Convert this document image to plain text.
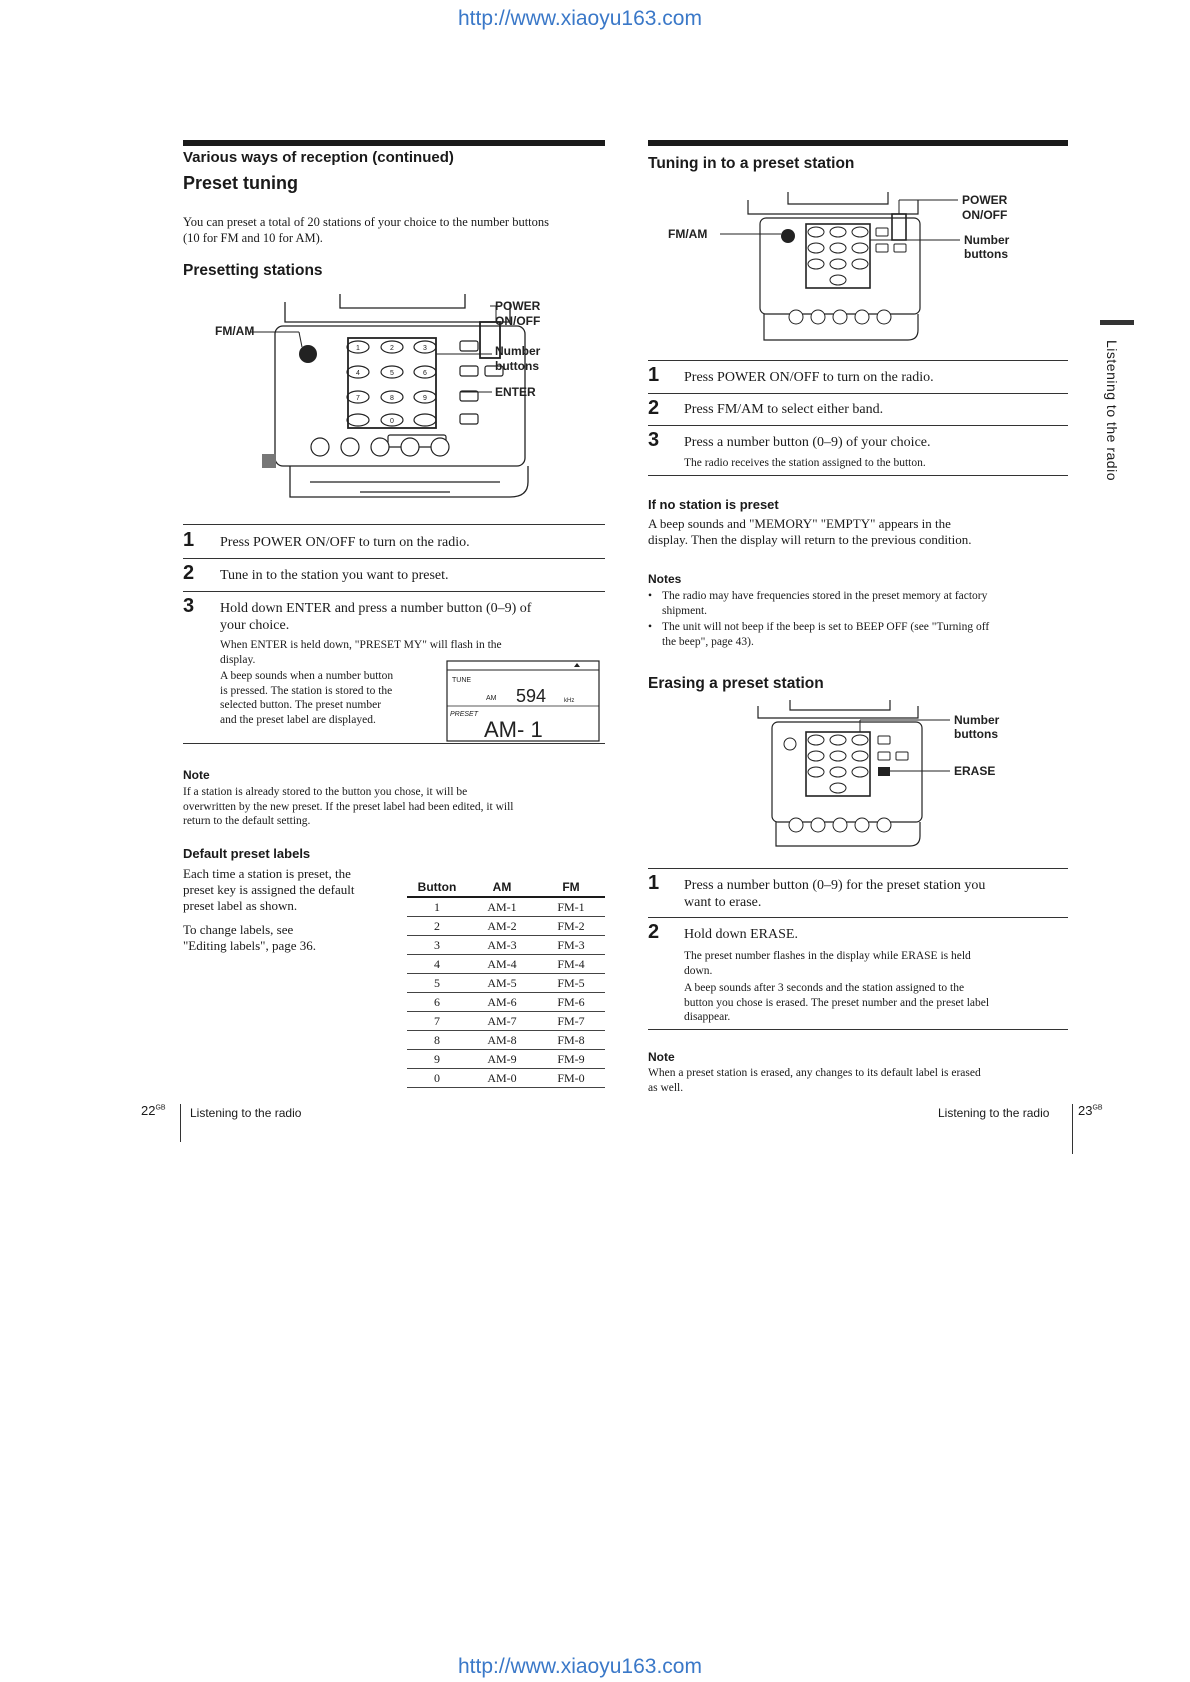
http://www.xiaoyu163.com
http://www.xiaoyu163.com
Various ways of reception (continued)
Preset tuning
You can preset a total of 20 stations of your choice to the number buttons
(10 for FM and 10 for AM).
Presetting stations
1	2	3
4	5	6
7	8	9
0
FM/AM
POWER
ON/OFF
Number
buttons
ENTER
1 Press POWER ON/OFF to turn on the radio.
2 Tune in to the station you want to preset.
3 Hold down ENTER and press a number button (0–9) of
your choice.
When ENTER is held down, "PRESET MY" will flash in the
display.
A beep sounds when a number button
is pressed. The station is stored to the
selected button. The preset number
and the preset label are displayed.
TUNE
AM 594	kHz
PRESET
AM- 1
Note
If a station is already stored to the button you chose, it will be
overwritten by the new preset. If the preset label had been edited, it will
return to the default setting.
Default preset labels
Each time a station is preset, the
preset key is assigned the default
preset label as shown.
To change labels, see
"Editing labels", page 36.
Button	AM	FM
1	AM-1	FM-1
2	AM-2	FM-2
3	AM-3	FM-3
4	AM-4	FM-4
5	AM-5	FM-5
6	AM-6	FM-6
7	AM-7	FM-7
8	AM-8	FM-8
9	AM-9	FM-9
0	AM-0	FM-0
$22^{GB}$ Listening to the radio
Tuning in to a preset station
FM/AM
POWER
ON/OFF
Number
buttons
1 Press POWER ON/OFF to turn on the radio.
2 Press FM/AM to select either band.
3 Press a number button (0–9) of your choice.
The radio receives the station assigned to the button.
If no station is preset
A beep sounds and "MEMORY" "EMPTY" appears in the
display. Then the display will return to the previous condition.
Notes
• The radio may have frequencies stored in the preset memory at factory
shipment.
• The unit will not beep if the beep is set to BEEP OFF (see "Turning off
the beep", page 43).
Erasing a preset station
Number
buttons
ERASE
1 Press a number button (0–9) for the preset station you
want to erase.
2 Hold down ERASE.
The preset number flashes in the display while ERASE is held
down.
A beep sounds after 3 seconds and the station assigned to the
button you chose is erased. The preset number and the preset label
disappear.
Note
When a preset station is erased, any changes to its default label is erased
as well.
Listening to the radio
Listening to the radio $23^{GB}$
